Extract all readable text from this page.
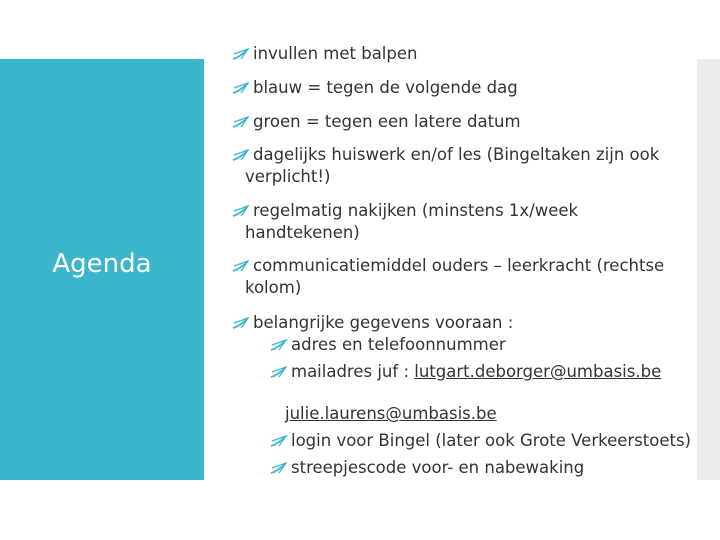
Agenda
invullen met balpen
blauw = tegen de volgende dag
groen = tegen een latere datum
dagelijks huiswerk en/of les (Bingeltaken zijn ook
verplicht!)
regelmatig nakijken (minstens 1x/week
handtekenen)
communicatiemiddel ouders – leerkracht (rechtse
kolom)
belangrijke gegevens vooraan :
adres en telefoonnummer
mailadres juf : lutgart.deborger@umbasis.be
julie.laurens@umbasis.be
login voor Bingel (later ook Grote Verkeerstoets)
streepjescode voor- en nabewaking
